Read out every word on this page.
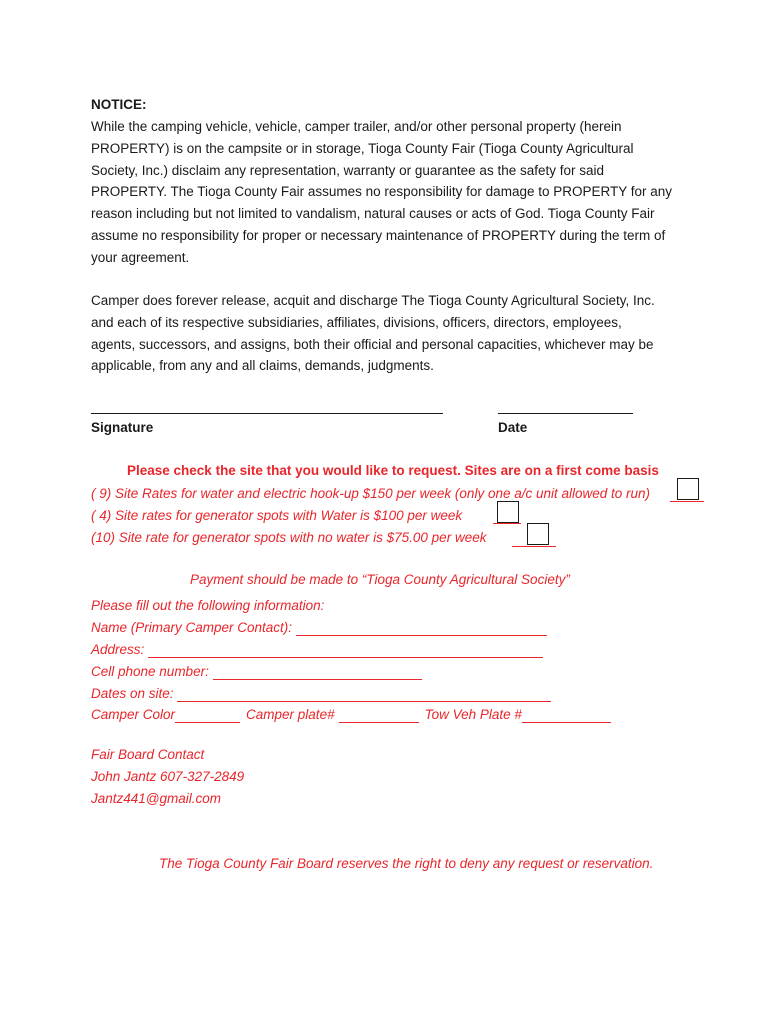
NOTICE:
While the camping vehicle, vehicle, camper trailer, and/or other personal property (herein
PROPERTY) is on the campsite or in storage, Tioga County Fair (Tioga County Agricultural
Society, Inc.) disclaim any representation, warranty or guarantee as the safety for said
PROPERTY. The Tioga County Fair assumes no responsibility for damage to PROPERTY for any
reason including but not limited to vandalism, natural causes or acts of God. Tioga County Fair
assume no responsibility for proper or necessary maintenance of PROPERTY during the term of
your agreement.
Camper does forever release, acquit and discharge The Tioga County Agricultural Society, Inc.
and each of its respective subsidiaries, affiliates, divisions, officers, directors, employees,
agents, successors, and assigns, both their official and personal capacities, whichever may be
applicable, from any and all claims, demands, judgments.
Signature	Date
Please check the site that you would like to request. Sites are on a first come basis
( 9) Site Rates for water and electric hook-up $150 per week (only one a/c unit allowed to run)
( 4) Site rates for generator spots with Water is $100 per week
(10) Site rate for generator spots with no water is $75.00 per week
Payment should be made to “Tioga County Agricultural Society”
Please fill out the following information:
Name (Primary Camper Contact):
Address:
Cell phone number:
Dates on site:
Camper Color	Camper plate#	Tow Veh Plate #
Fair Board Contact
John Jantz 607-327-2849
Jantz441@gmail.com
The Tioga County Fair Board reserves the right to deny any request or reservation.
